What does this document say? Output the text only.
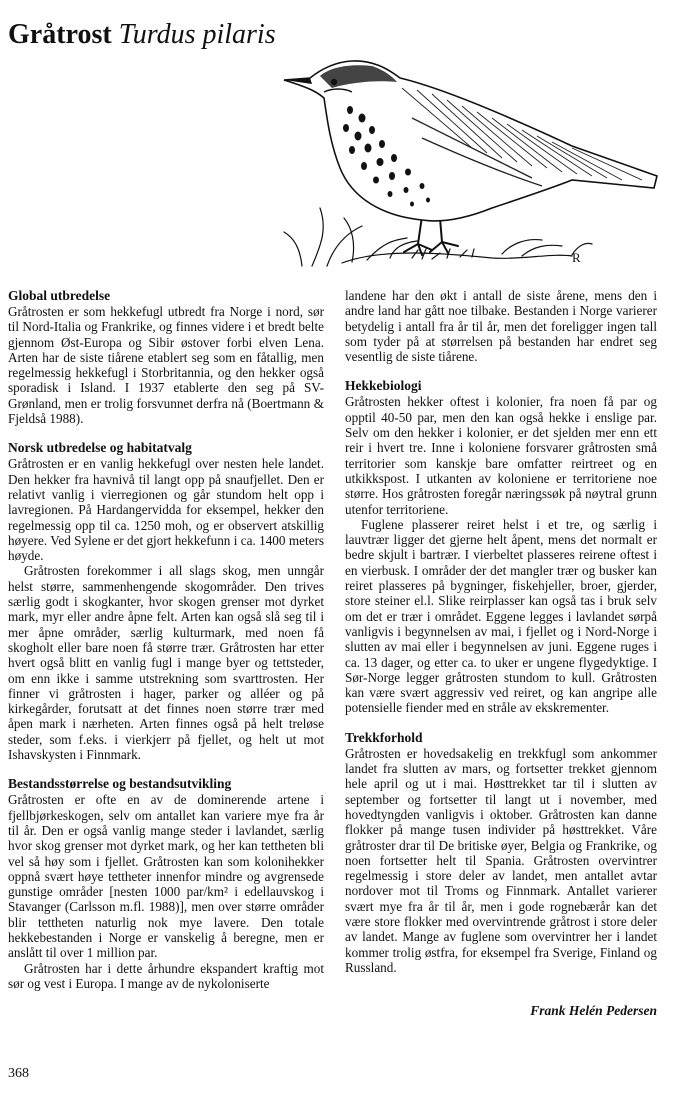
Gråtrost Turdus pilaris
R
Global utbredelse

Gråtrosten er som hekkefugl utbredt fra Norge i nord, sør til Nord-Italia og Frankrike, og finnes videre i et bredt belte gjennom Øst-Europa og Sibir østover forbi elven Lena. Arten har de siste tiårene etablert seg som en fåtallig, men regelmessig hekkefugl i Storbritannia, og den hekker også sporadisk i Island. I 1937 etablerte den seg på SV-Grønland, men er trolig forsvunnet derfra nå (Boertmann & Fjeldså 1988).

Norsk utbredelse og habitatvalg

Gråtrosten er en vanlig hekkefugl over nesten hele landet. Den hekker fra havnivå til langt opp på snaufjellet. Den er relativt vanlig i vierregionen og går stundom helt opp i lavregionen. På Hardangervidda for eksempel, hekker den regelmessig opp til ca. 1250 moh, og er observert atskillig høyere. Ved Sylene er det gjort hekkefunn i ca. 1400 meters høyde.

Gråtrosten forekommer i all slags skog, men unngår helst større, sammenhengende skogområder. Den trives særlig godt i skogkanter, hvor skogen grenser mot dyrket mark, myr eller andre åpne felt. Arten kan også slå seg til i mer åpne områder, særlig kulturmark, med noen få skogholt eller bare noen få større trær. Gråtrosten har etter hvert også blitt en vanlig fugl i mange byer og tettsteder, om enn ikke i samme utstrekning som svarttrosten. Her finner vi gråtrosten i hager, parker og alléer og på kirkegårder, forutsatt at det finnes noen større trær med åpen mark i nærheten. Arten finnes også på helt treløse steder, som f.eks. i vierkjerr på fjellet, og helt ut mot Ishavskysten i Finnmark.

Bestandsstørrelse og bestandsutvikling

Gråtrosten er ofte en av de dominerende artene i fjellbjørkeskogen, selv om antallet kan variere mye fra år til år. Den er også vanlig mange steder i lavlandet, særlig hvor skog grenser mot dyrket mark, og her kan tettheten bli vel så høy som i fjellet. Gråtrosten kan som kolonihekker oppnå svært høye tettheter innenfor mindre og avgrensede gunstige områder [nesten 1000 par/km² i edellauvskog i Stavanger (Carlsson m.fl. 1988)], men over større områder blir tettheten naturlig nok mye lavere. Den totale hekkebestanden i Norge er vanskelig å beregne, men er anslått til over 1 million par.

Gråtrosten har i dette århundre ekspandert kraftig mot sør og vest i Europa. I mange av de nykoloniserte

landene har den økt i antall de siste årene, mens den i andre land har gått noe tilbake. Bestanden i Norge varierer betydelig i antall fra år til år, men det foreligger ingen tall som tyder på at størrelsen på bestanden har endret seg vesentlig de siste tiårene.

Hekkebiologi

Gråtrosten hekker oftest i kolonier, fra noen få par og opptil 40-50 par, men den kan også hekke i enslige par. Selv om den hekker i kolonier, er det sjelden mer enn ett reir i hvert tre. Inne i koloniene forsvarer gråtrosten små territorier som kanskje bare omfatter reirtreet og en utkikkspost. I utkanten av koloniene er territoriene noe større. Hos gråtrosten foregår næringssøk på nøytral grunn utenfor territoriene.

Fuglene plasserer reiret helst i et tre, og særlig i lauvtrær ligger det gjerne helt åpent, mens det normalt er bedre skjult i bartrær. I vierbeltet plasseres reirene oftest i en vierbusk. I områder der det mangler trær og busker kan reiret plasseres på bygninger, fiskehjeller, broer, gjerder, store steiner el.l. Slike reirplasser kan også tas i bruk selv om det er trær i området. Eggene legges i lavlandet sørpå vanligvis i begynnelsen av mai, i fjellet og i Nord-Norge i slutten av mai eller i begynnelsen av juni. Eggene ruges i ca. 13 dager, og etter ca. to uker er ungene flygedyktige. I Sør-Norge legger gråtrosten stundom to kull. Gråtrosten kan være svært aggressiv ved reiret, og kan angripe alle potensielle fiender med en stråle av ekskrementer.

Trekkforhold

Gråtrosten er hovedsakelig en trekkfugl som ankommer landet fra slutten av mars, og fortsetter trekket gjennom hele april og ut i mai. Høsttrekket tar til i slutten av september og fortsetter til langt ut i november, med hovedtyngden vanligvis i oktober. Gråtrosten kan danne flokker på mange tusen individer på høsttrekket. Våre gråtroster drar til De britiske øyer, Belgia og Frankrike, og noen fortsetter helt til Spania. Gråtrosten overvintrer regelmessig i store deler av landet, men antallet avtar nordover mot til Troms og Finnmark. Antallet varierer svært mye fra år til år, men i gode rognebærår kan det være store flokker med overvintrende gråtrost i store deler av landet. Mange av fuglene som overvintrer her i landet kommer trolig østfra, for eksempel fra Sverige, Finland og Russland.

Frank Helén Pedersen
368
